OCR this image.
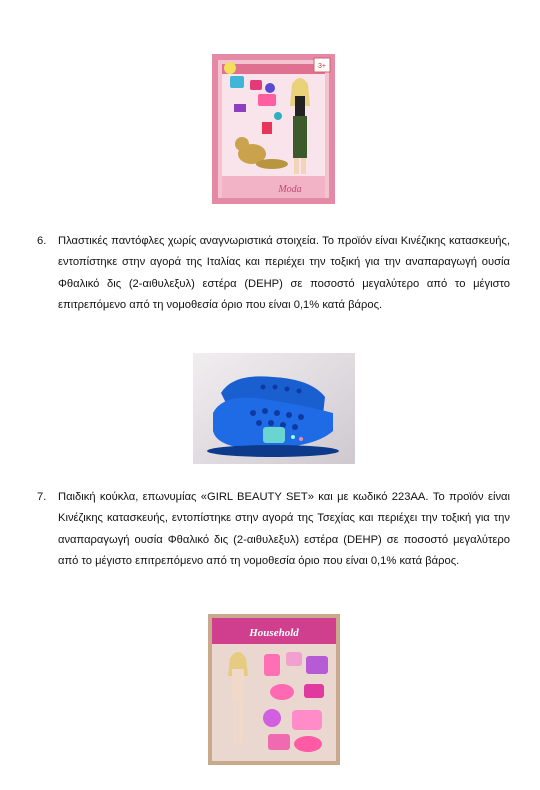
3+
Moda
6. Πλαστικές παντόφλες χωρίς αναγνωριστικά στοιχεία. Το προϊόν είναι Κινέζικης κατασκευής, εντοπίστηκε στην αγορά της Ιταλίας και περιέχει την τοξική για την αναπαραγωγή ουσία Φθαλικό δις (2-αιθυλεξυλ) εστέρα (DEHP) σε ποσοστό μεγαλύτερο από το μέγιστο επιτρεπόμενο από τη νομοθεσία όριο που είναι 0,1% κατά βάρος.
7. Παιδική κούκλα, επωνυμίας «GIRL BEAUTY SET» και με κωδικό 223AA. Το προϊόν είναι Κινέζικης κατασκευής, εντοπίστηκε στην αγορά της Τσεχίας και περιέχει την τοξική για την αναπαραγωγή ουσία Φθαλικό δις (2-αιθυλεξυλ) εστέρα (DEHP) σε ποσοστό μεγαλύτερο από το μέγιστο επιτρεπόμενο από τη νομοθεσία όριο που είναι 0,1% κατά βάρος.
Household
